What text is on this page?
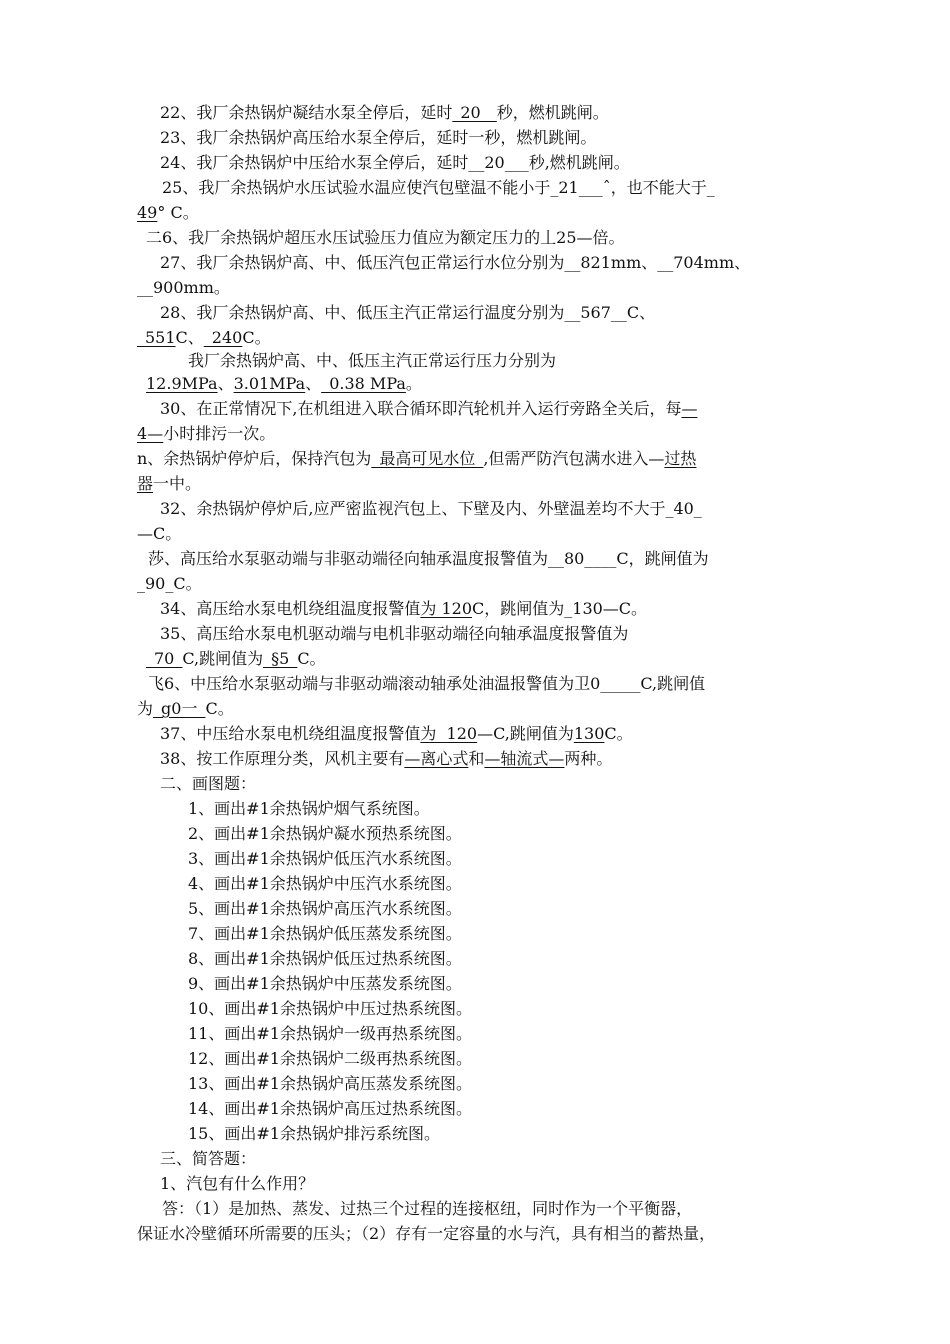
22、我厂余热锅炉凝结水泵全停后，延时_20__秒，燃机跳闸。
23、我厂余热锅炉高压给水泵全停后，延时一秒，燃机跳闸。
24、我厂余热锅炉中压给水泵全停后，延时__20___秒,燃机跳闸。
25、我厂余热锅炉水压试验水温应使汽包壁温不能小于_21___ˆ，也不能大于_
49° C。
二6、我厂余热锅炉超压水压试验压力值应为额定压力的丄25—倍。
27、我厂余热锅炉高、中、低压汽包正常运行水位分别为__821mm、__704mm、
__900mm。
28、我厂余热锅炉高、中、低压主汽正常运行温度分别为__567__C、
_551C、_240C。
我厂余热锅炉高、中、低压主汽正常运行压力分别为
12.9MPa、3.01MPa、_0.38 MPa。
30、在正常情况下,在机组进入联合循环即汽轮机并入运行旁路全关后，每—
4—小时排污一次。
n、余热锅炉停炉后，保持汽包为_最高可见水位_,但需严防汽包满水进入—过热
器一中。
32、余热锅炉停炉后,应严密监视汽包上、下壁及内、外壁温差均不大于_40_
—C。
莎、高压给水泵驱动端与非驱动端径向轴承温度报警值为__80____C，跳闸值为
_90_C。
34、高压给水泵电机绕组温度报警值为 120C，跳闸值为_130—C。
35、高压给水泵电机驱动端与电机非驱动端径向轴承温度报警值为
_70_C,跳闸值为_§5_C。
飞6、中压给水泵驱动端与非驱动端滚动轴承处油温报警值为卫0_____C,跳闸值
为_g0一_C。
37、中压给水泵电机绕组温度报警值为  120—C,跳闸值为130C。
38、按工作原理分类，风机主要有—离心式和—轴流式—两种。
二、画图题：
1、画出#1余热锅炉烟气系统图。
2、画出#1余热锅炉凝水预热系统图。
3、画出#1余热锅炉低压汽水系统图。
4、画出#1余热锅炉中压汽水系统图。
5、画出#1余热锅炉高压汽水系统图。
7、画出#1余热锅炉低压蒸发系统图。
8、画出#1余热锅炉低压过热系统图。
9、画出#1余热锅炉中压蒸发系统图。
10、画出#1余热锅炉中压过热系统图。
11、画出#1余热锅炉一级再热系统图。
12、画出#1余热锅炉二级再热系统图。
13、画出#1余热锅炉高压蒸发系统图。
14、画出#1余热锅炉高压过热系统图。
15、画出#1余热锅炉排污系统图。
三、简答题：
1、汽包有什么作用？
答：（1）是加热、蒸发、过热三个过程的连接枢纽，同时作为一个平衡器，
保证水冷壁循环所需要的压头；（2）存有一定容量的水与汽，具有相当的蓄热量，
